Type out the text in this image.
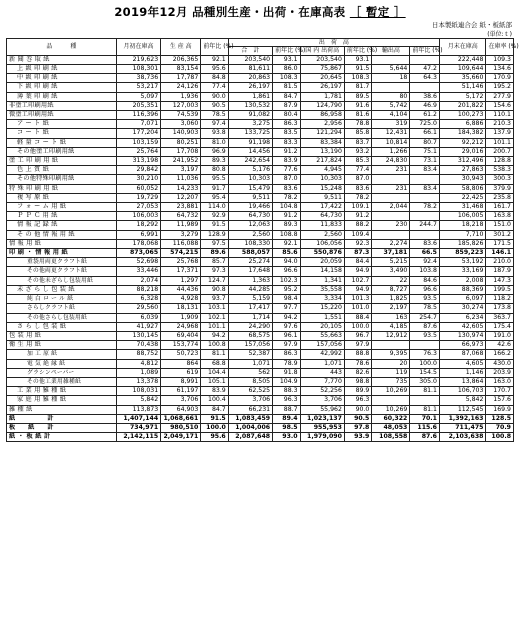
2019年12月 品種別生産・出荷・在庫高表 ［ 暫定 ］
日本製紙連合会 紙・板紙部
(単位:ｔ)
品　　　種	月初在庫高	生 産 高	前年比 (%)	出　荷　高						月末在庫高	在庫率 (%)
				合　計	前年比 (%)	国 内 出荷高	前年比 (%)	輸出高	前年比 (%)		
新 聞 巻 取 紙	219,623	206,365	92.1	203,540	93.1	203,540	93.1			222,448	109.3
上 級 印 刷 紙	108,301	83,154	95.6	81,611	86.0	75,867	91.5	5,644	47.2	109,644	134.6
中 級 印 刷 紙	38,736	17,787	84.8	20,863	108.3	20,645	108.3	18	64.3	35,660	170.9
下 級 印 刷 紙	53,217	24,126	77.4	26,197	81.5	26,197	81.7			51,146	195.2
薄 葉 印 刷 紙	5,097	1,936	90.0	1,861	84.7	1,781	89.5	80	38.6	5,172	277.9
非塗工印刷用紙	205,351	127,003	90.5	130,532	87.9	124,790	91.6	5,742	46.9	201,822	154.6
微塗工印刷用紙	116,396	74,539	78.5	91,082	80.4	86,958	81.6	4,104	61.2	100,273	110.1
ア ー ト 紙	7,071	3,060	97.4	3,275	86.3	2,956	78.8	319	725.0	6,886	210.3
コ ー ト 紙	177,204	140,903	93.8	133,725	83.5	121,294	85.8	12,431	66.1	184,382	137.9
軽 量 コ ー ト 紙	103,159	80,251	81.0	91,198	83.3	83,384	83.7	10,814	80.7	92,212	101.1
その他塗工印刷用紙	25,764	17,708	96.9	14,456	91.2	13,190	93.2	1,266	75.1	29,016	200.7
塗 工 印 刷 用 紙	313,198	241,952	89.3	242,654	83.9	217,824	85.3	24,830	73.1	312,496	128.8
色 上 質 紙	29,842	3,197	80.8	5,176	77.6	4,945	77.4	231	83.4	27,863	538.3
その他特殊印刷用紙	30,210	11,036	95.5	10,303	87.0	10,303	87.0			30,943	300.3
特 殊 印 刷 用 紙	60,052	14,233	91.7	15,479	83.6	15,248	83.6	231	83.4	58,806	379.9
複 写 原 紙	19,729	12,207	95.4	9,511	78.2	9,511	78.2			22,425	235.8
フ ォ ー ム 用 紙	27,053	23,881	114.0	19,466	104.8	17,422	109.1	2,044	78.2	31,468	161.7
Ｐ Ｐ Ｃ 用 紙	106,003	64,732	92.9	64,730	91.2	64,730	91.2			106,005	163.8
情 報 記 録 紙	18,292	11,989	91.5	12,063	89.3	11,833	88.2	230	244.7	18,218	151.0
そ の 他 情 報 用 紙	6,991	3,279	128.9	2,560	108.8	2,560	109.4			7,710	301.2
情 報 用 紙	178,068	116,088	97.5	108,330	92.1	106,056	92.3	2,274	83.6	185,826	171.5
印 刷 ・ 情 報 用 紙	873,065	574,215	89.6	588,057	85.6	550,876	87.3	37,181	66.5	859,223	146.1
重袋用両更クラフト紙	52,698	25,768	85.7	25,274	94.0	20,059	84.4	5,215	92.4	53,192	210.0
その他両更クラフト紙	33,446	17,371	97.3	17,648	96.6	14,158	94.9	3,490	103.8	33,169	187.9
その他未ざらし包装用紙	2,074	1,297	124.7	1,363	102.3	1,341	102.7	22	84.6	2,008	147.3
未 ざ ら し 包 装 紙	88,218	44,436	90.8	44,285	95.2	35,558	94.9	8,727	96.6	88,369	199.5
純 白 ロ ー ル 紙	6,328	4,928	93.7	5,159	98.4	3,334	101.3	1,825	93.5	6,097	118.2
さらしクラフト紙	29,560	18,131	103.1	17,417	97.7	15,220	101.0	2,197	78.5	30,274	173.8
その他さらし包装用紙	6,039	1,909	102.1	1,714	94.2	1,551	88.4	163	254.7	6,234	363.7
さ ら し 包 装 紙	41,927	24,968	101.1	24,290	97.6	20,105	100.0	4,185	87.6	42,605	175.4
包 装 用 紙	130,145	69,404	94.2	68,575	96.1	55,663	96.7	12,912	93.5	130,974	191.0
衛 生 用 紙	70,438	153,774	100.8	157,056	97.9	157,056	97.9			66,973	42.6
加 工 原 紙	88,752	50,723	81.1	52,387	86.3	42,992	88.8	9,395	76.3	87,068	166.2
電 気 絶 縁 紙	4,812	864	68.8	1,071	78.9	1,071	78.6	20	100.0	4,605	430.0
グラシンペーパー	1,089	619	104.4	562	91.8	443	82.6	119	154.5	1,146	203.9
その他工業用雑種紙	13,378	8,991	105.1	8,505	104.9	7,770	98.8	735	305.0	13,864	163.0
工 業 用 雑 種 紙	108,031	61,197	83.9	62,525	88.3	52,256	89.9	10,269	81.1	106,703	170.7
家 庭 用 雑 種 紙	5,842	3,706	100.4	3,706	96.3	3,706	96.3			5,842	157.6
雑 種 紙	113,873	64,903	84.7	66,231	88.7	55,962	90.0	10,269	81.1	112,545	169.9
紙　　　　　計	1,407,144	1,068,661	91.5	1,083,459	89.4	1,023,137	90.5	60,322	70.1	1,392,163	128.5
板　　紙　　計	734,971	980,510	100.0	1,004,006	98.5	955,953	97.8	48,053	115.6	711,475	70.9
紙 ・ 板 紙 計	2,142,115	2,049,171	95.6	2,087,648	93.0	1,979,090	93.9	108,558	87.6	2,103,638	100.8
